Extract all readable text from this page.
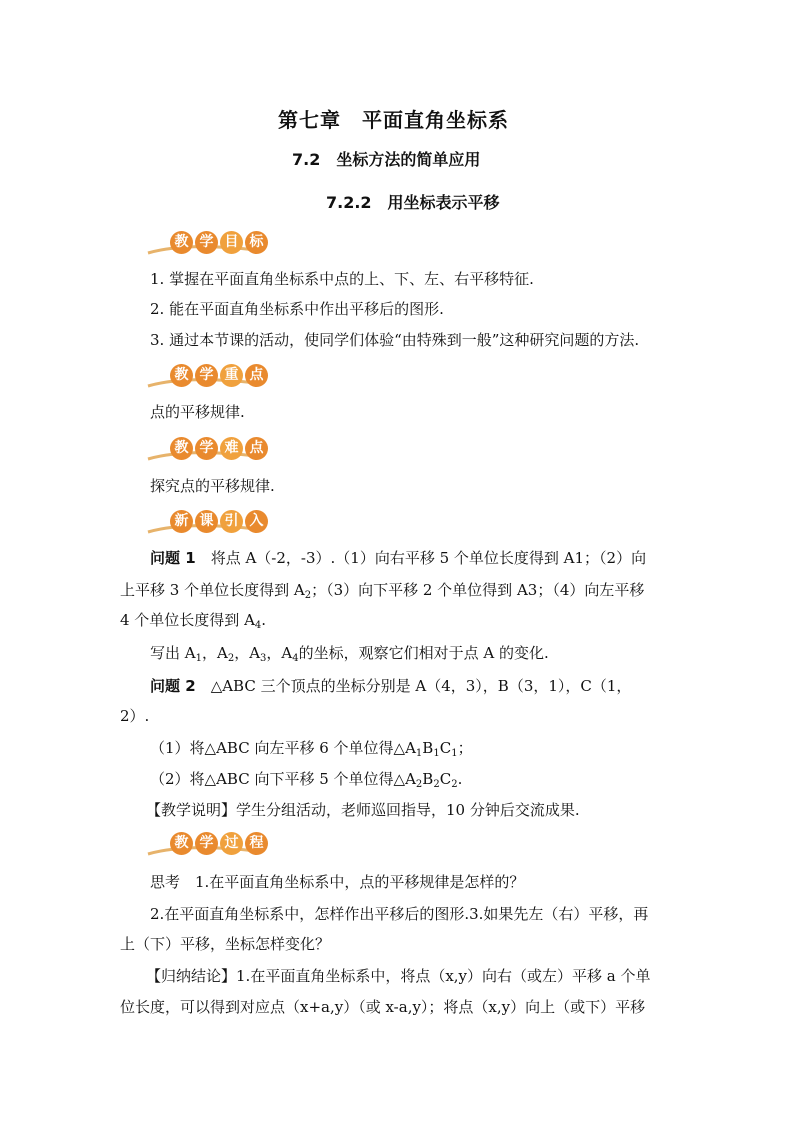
第七章　平面直角坐标系
7.2　坐标方法的简单应用
7.2.2　用坐标表示平移
教 学 目 标
1. 掌握在平面直角坐标系中点的上、下、左、右平移特征.
2. 能在平面直角坐标系中作出平移后的图形.
3. 通过本节课的活动，使同学们体验“由特殊到一般”这种研究问题的方法.
教 学 重 点
点的平移规律.
教 学 难 点
探究点的平移规律.
新 课 引 入
问题 1　 将点 A（-2，-3）.（1）向右平移 5 个单位长度得到 A1；（2）向
上平移 3 个单位长度得到 $A_2$；（3）向下平移 2 个单位得到 A3；（4）向左平移
4 个单位长度得到 $A_4$.
写出 $A_1$，$A_2$，$A_3$，$A_4$的坐标，观察它们相对于点 A 的变化.
问题 2　 △ABC 三个顶点的坐标分别是 A（4，3），B（3，1），C（1，
2）.
（1）将△ABC 向左平移 6 个单位得$\triangle A_1B_1C_1$；
（2）将△ABC 向下平移 5 个单位得$\triangle A_2B_2C_2$.
【教学说明】学生分组活动，老师巡回指导，10 分钟后交流成果.
教 学 过 程
思考　1.在平面直角坐标系中，点的平移规律是怎样的？
2.在平面直角坐标系中，怎样作出平移后的图形.3.如果先左（右）平移，再
上（下）平移，坐标怎样变化？
【归纳结论】1.在平面直角坐标系中，将点（x,y）向右（或左）平移 a 个单
位长度，可以得到对应点（x+a,y）（或 x-a,y）；将点（x,y）向上（或下）平移
